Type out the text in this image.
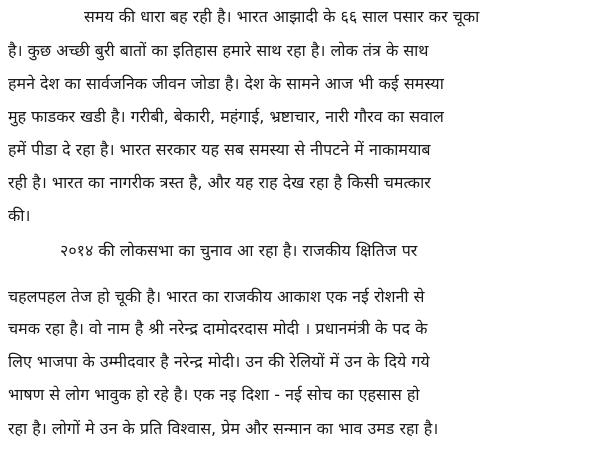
समय की धारा बह रही है। भारत आझादी के ६६ साल पसार कर चूका
है। कुछ अच्छी बुरी बातों का इतिहास हमारे साथ रहा है। लोक तंत्र के साथ
हमने देश का सार्वजनिक जीवन जोडा है। देश के सामने आज भी कई समस्या
मुह फाडकर खडी है। गरीबी, बेकारी, महंगाई, भ्रष्टाचार, नारी गौरव का सवाल
हमें पीडा दे रहा है। भारत सरकार यह सब समस्या से नीपटने में नाकामयाब
रही है। भारत का नागरीक त्रस्त है, और यह राह देख रहा है किसी चमत्कार
की।
२०१४ की लोकसभा का चुनाव आ रहा है। राजकीय क्षितिज पर
चहलपहल तेज हो चूकी है। भारत का राजकीय आकाश एक नई रोशनी से
चमक रहा है। वो नाम है श्री नरेन्द्र दामोदरदास मोदी । प्रधानमंत्री के पद के
लिए भाजपा के उम्मीदवार है नरेन्द्र मोदी। उन की रेलियों में उन के दिये गये
भाषण से लोग भावुक हो रहे है। एक नइ दिशा - नई सोच का एहसास हो
रहा है। लोगों मे उन के प्रति विश्वास, प्रेम और सन्मान का भाव उमड रहा है।
